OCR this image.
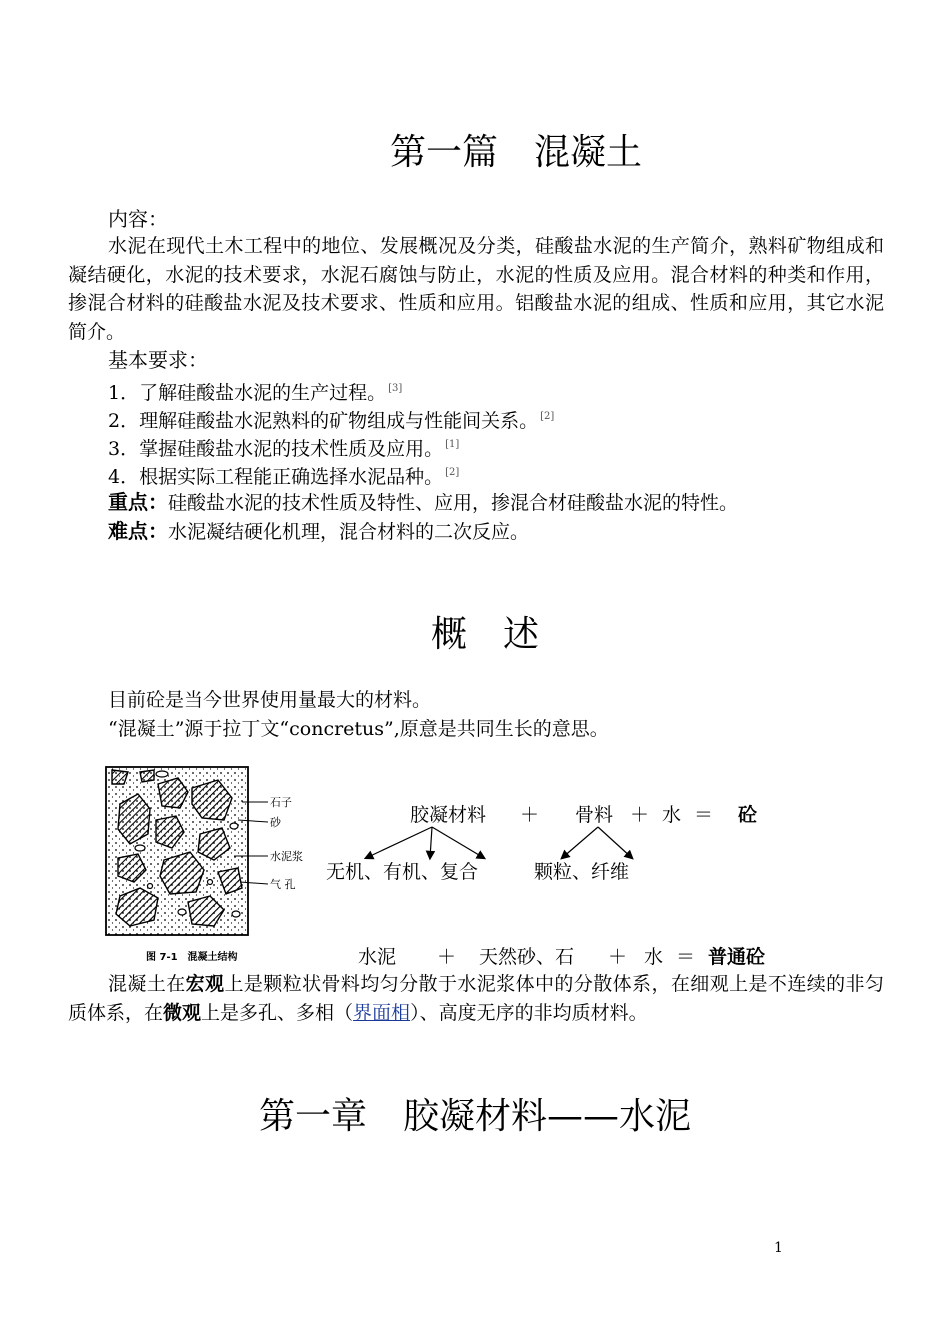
第一篇　混凝土
内容：
水泥在现代土木工程中的地位、发展概况及分类，硅酸盐水泥的生产简介，熟料矿物组成和凝结硬化，水泥的技术要求，水泥石腐蚀与防止，水泥的性质及应用。混合材料的种类和作用，掺混合材料的硅酸盐水泥及技术要求、性质和应用。铝酸盐水泥的组成、性质和应用，其它水泥简介。
基本要求：
1．了解硅酸盐水泥的生产过程。 [3]
2．理解硅酸盐水泥熟料的矿物组成与性能间关系。 [2]
3．掌握硅酸盐水泥的技术性质及应用。 [1]
4．根据实际工程能正确选择水泥品种。 [2]
重点：硅酸盐水泥的技术性质及特性、应用，掺混合材硅酸盐水泥的特性。
难点：水泥凝结硬化机理，混合材料的二次反应。
概　述
目前砼是当今世界使用量最大的材料。
“混凝土”源于拉丁文“concretus”,原意是共同生长的意思。
石子
砂
水泥浆
气 孔
图 7-1　混凝土结构
胶凝材料 ＋ 骨料 ＋ 水 ＝ 砼
无机、有机、复合	颗粒、纤维
水泥 ＋ 天然砂、石 ＋ 水 ＝ 普通砼
混凝土在宏观上是颗粒状骨料均匀分散于水泥浆体中的分散体系，在细观上是不连续的非匀质体系，在微观上是多孔、多相（界面相）、高度无序的非均质材料。
第一章　胶凝材料——水泥
1
